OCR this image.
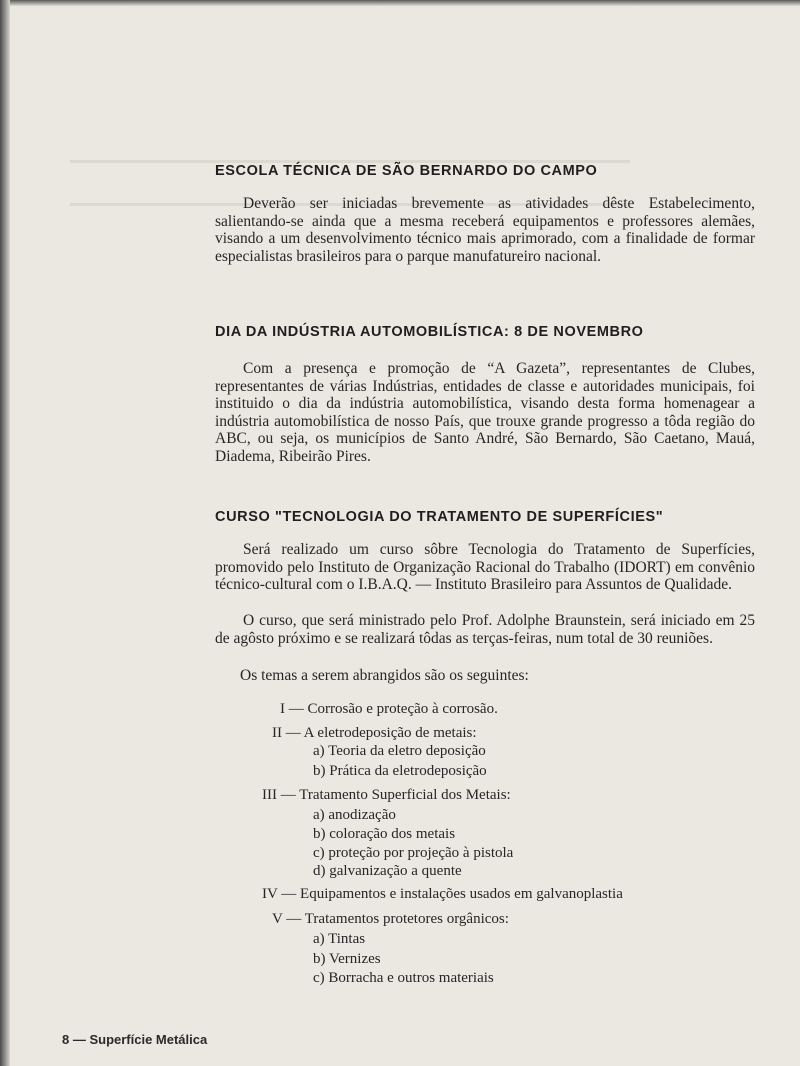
ESCOLA TÉCNICA DE SÃO BERNARDO DO CAMPO

Deverão ser iniciadas brevemente as atividades dêste Estabelecimento, salientando-se ainda que a mesma receberá equipamentos e professores alemães, visando a um desenvolvimento técnico mais aprimorado, com a finalidade de formar especialistas brasileiros para o parque manufatureiro nacional.

DIA DA INDÚSTRIA AUTOMOBILÍSTICA: 8 DE NOVEMBRO

Com a presença e promoção de “A Gazeta”, representantes de Clubes, representantes de várias Indústrias, entidades de classe e autoridades municipais, foi instituido o dia da indústria automobilística, visando desta forma homenagear a indústria automobilística de nosso País, que trouxe grande progresso a tôda região do ABC, ou seja, os municípios de Santo André, São Bernardo, São Caetano, Mauá, Diadema, Ribeirão Pires.

CURSO "TECNOLOGIA DO TRATAMENTO DE SUPERFÍCIES"

Será realizado um curso sôbre Tecnologia do Tratamento de Superfícies, promovido pelo Instituto de Organização Racional do Trabalho (IDORT) em convênio técnico-cultural com o I.B.A.Q. — Instituto Brasileiro para Assuntos de Qualidade.

O curso, que será ministrado pelo Prof. Adolphe Braunstein, será iniciado em 25 de agôsto próximo e se realizará tôdas as terças-feiras, num total de 30 reuniões.

Os temas a serem abrangidos são os seguintes:
I — Corrosão e proteção à corrosão.
II — A eletrodeposição de metais:
a) Teoria da eletro deposição
b) Prática da eletrodeposição
III — Tratamento Superficial dos Metais:
a) anodização
b) coloração dos metais
c) proteção por projeção à pistola
d) galvanização a quente
IV — Equipamentos e instalações usados em galvanoplastia
V — Tratamentos protetores orgânicos:
a) Tintas
b) Vernizes
c) Borracha e outros materiais
8 — Superfície Metálica
